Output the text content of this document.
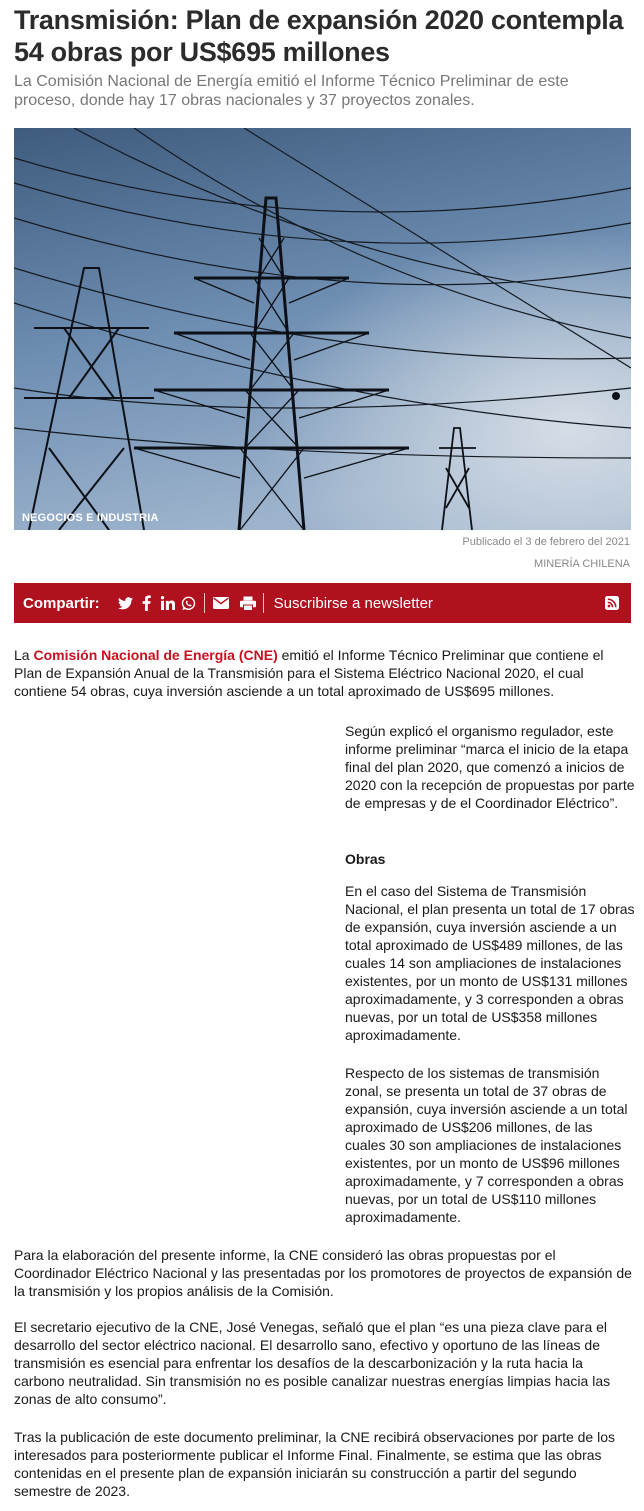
Transmisión: Plan de expansión 2020 contempla 54 obras por US$695 millones

La Comisión Nacional de Energía emitió el Informe Técnico Preliminar de este proceso, donde hay 17 obras nacionales y 37 proyectos zonales.

NEGOCIOS E INDUSTRIA
Publicado el 3 de febrero del 2021
MINERÍA CHILENA
Compartir:	Suscribirse a newsletter

La Comisión Nacional de Energía (CNE) emitió el Informe Técnico Preliminar que contiene el Plan de Expansión Anual de la Transmisión para el Sistema Eléctrico Nacional 2020, el cual contiene 54 obras, cuya inversión asciende a un total aproximado de US$695 millones.

Según explicó el organismo regulador, este informe preliminar “marca el inicio de la etapa final del plan 2020, que comenzó a inicios de 2020 con la recepción de propuestas por parte de empresas y de el Coordinador Eléctrico”.

Obras

En el caso del Sistema de Transmisión Nacional, el plan presenta un total de 17 obras de expansión, cuya inversión asciende a un total aproximado de US$489 millones, de las cuales 14 son ampliaciones de instalaciones existentes, por un monto de US$131 millones aproximadamente, y 3 corresponden a obras nuevas, por un total de US$358 millones aproximadamente.

Respecto de los sistemas de transmisión zonal, se presenta un total de 37 obras de expansión, cuya inversión asciende a un total aproximado de US$206 millones, de las cuales 30 son ampliaciones de instalaciones existentes, por un monto de US$96 millones aproximadamente, y 7 corresponden a obras nuevas, por un total de US$110 millones aproximadamente.

Para la elaboración del presente informe, la CNE consideró las obras propuestas por el Coordinador Eléctrico Nacional y las presentadas por los promotores de proyectos de expansión de la transmisión y los propios análisis de la Comisión.

El secretario ejecutivo de la CNE, José Venegas, señaló que el plan “es una pieza clave para el desarrollo del sector eléctrico nacional. El desarrollo sano, efectivo y oportuno de las líneas de transmisión es esencial para enfrentar los desafíos de la descarbonización y la ruta hacia la carbono neutralidad. Sin transmisión no es posible canalizar nuestras energías limpias hacia las zonas de alto consumo”.

Tras la publicación de este documento preliminar, la CNE recibirá observaciones por parte de los interesados para posteriormente publicar el Informe Final. Finalmente, se estima que las obras contenidas en el presente plan de expansión iniciarán su construcción a partir del segundo semestre de 2023.
